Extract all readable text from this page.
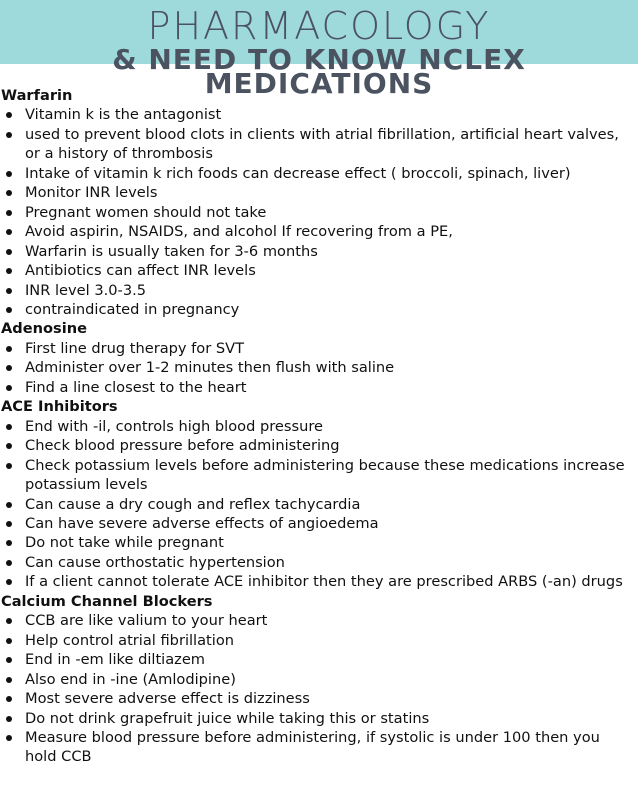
PHARMACOLOGY
& NEED TO KNOW NCLEX
MEDICATIONS

Warfarin

Vitamin k is the antagonist
used to prevent blood clots in clients with atrial fibrillation, artificial heart valves, or a history of thrombosis
Intake of vitamin k rich foods can decrease effect ( broccoli, spinach, liver)
Monitor INR levels
Pregnant women should not take
Avoid aspirin, NSAIDS, and alcohol If recovering from a PE,
Warfarin is usually taken for 3-6 months
Antibiotics can affect INR levels
INR level 3.0-3.5
contraindicated in pregnancy

Adenosine

First line drug therapy for SVT
Administer over 1-2 minutes then flush with saline
Find a line closest to the heart

ACE Inhibitors

End with -il, controls high blood pressure
Check blood pressure before administering
Check potassium levels before administering because these medications increase potassium levels
Can cause a dry cough and reflex tachycardia
Can have severe adverse effects of angioedema
Do not take while pregnant
Can cause orthostatic hypertension
If a client cannot tolerate ACE inhibitor then they are prescribed ARBS (-an) drugs

Calcium Channel Blockers

CCB are like valium to your heart
Help control atrial fibrillation
End in -em like diltiazem
Also end in -ine (Amlodipine)
Most severe adverse effect is dizziness
Do not drink grapefruit juice while taking this or statins
Measure blood pressure before administering, if systolic is under 100 then you hold CCB
